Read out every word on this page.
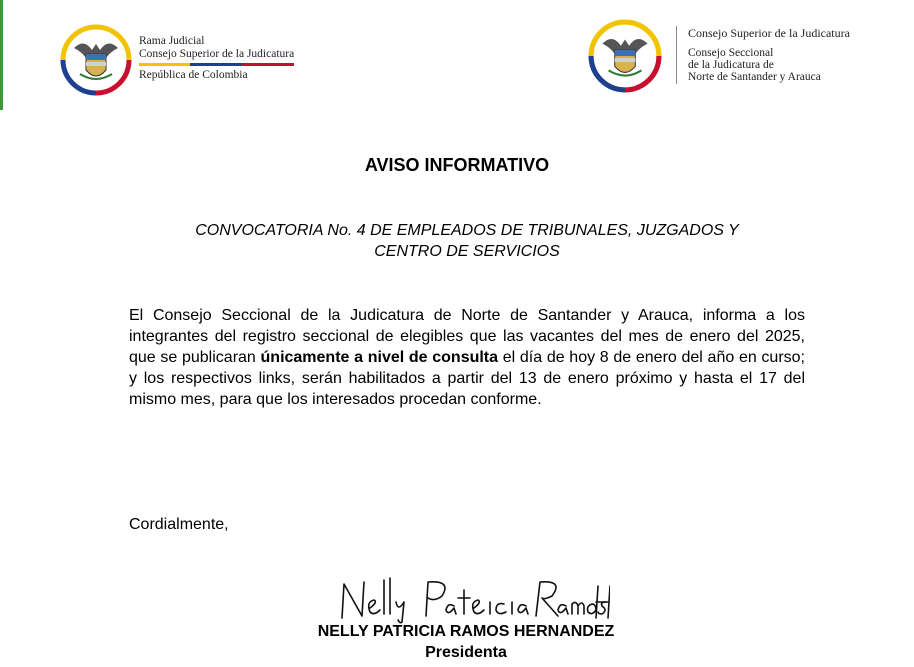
Rama Judicial
Consejo Superior de la Judicatura
República de Colombia
Consejo Superior de la Judicatura
Consejo Seccional
de la Judicatura de
Norte de Santander y Arauca
AVISO INFORMATIVO
CONVOCATORIA No. 4 DE EMPLEADOS DE TRIBUNALES, JUZGADOS Y
CENTRO DE SERVICIOS
El Consejo Seccional de la Judicatura de Norte de Santander y Arauca, informa a los integrantes del registro seccional de elegibles que las vacantes del mes de enero del 2025, que se publicaran únicamente a nivel de consulta el día de hoy 8 de enero del año en curso; y los respectivos links, serán habilitados a partir del 13 de enero próximo y hasta el 17 del mismo mes, para que los interesados procedan conforme.
Cordialmente,
NELLY PATRICIA RAMOS HERNANDEZ
Presidenta
